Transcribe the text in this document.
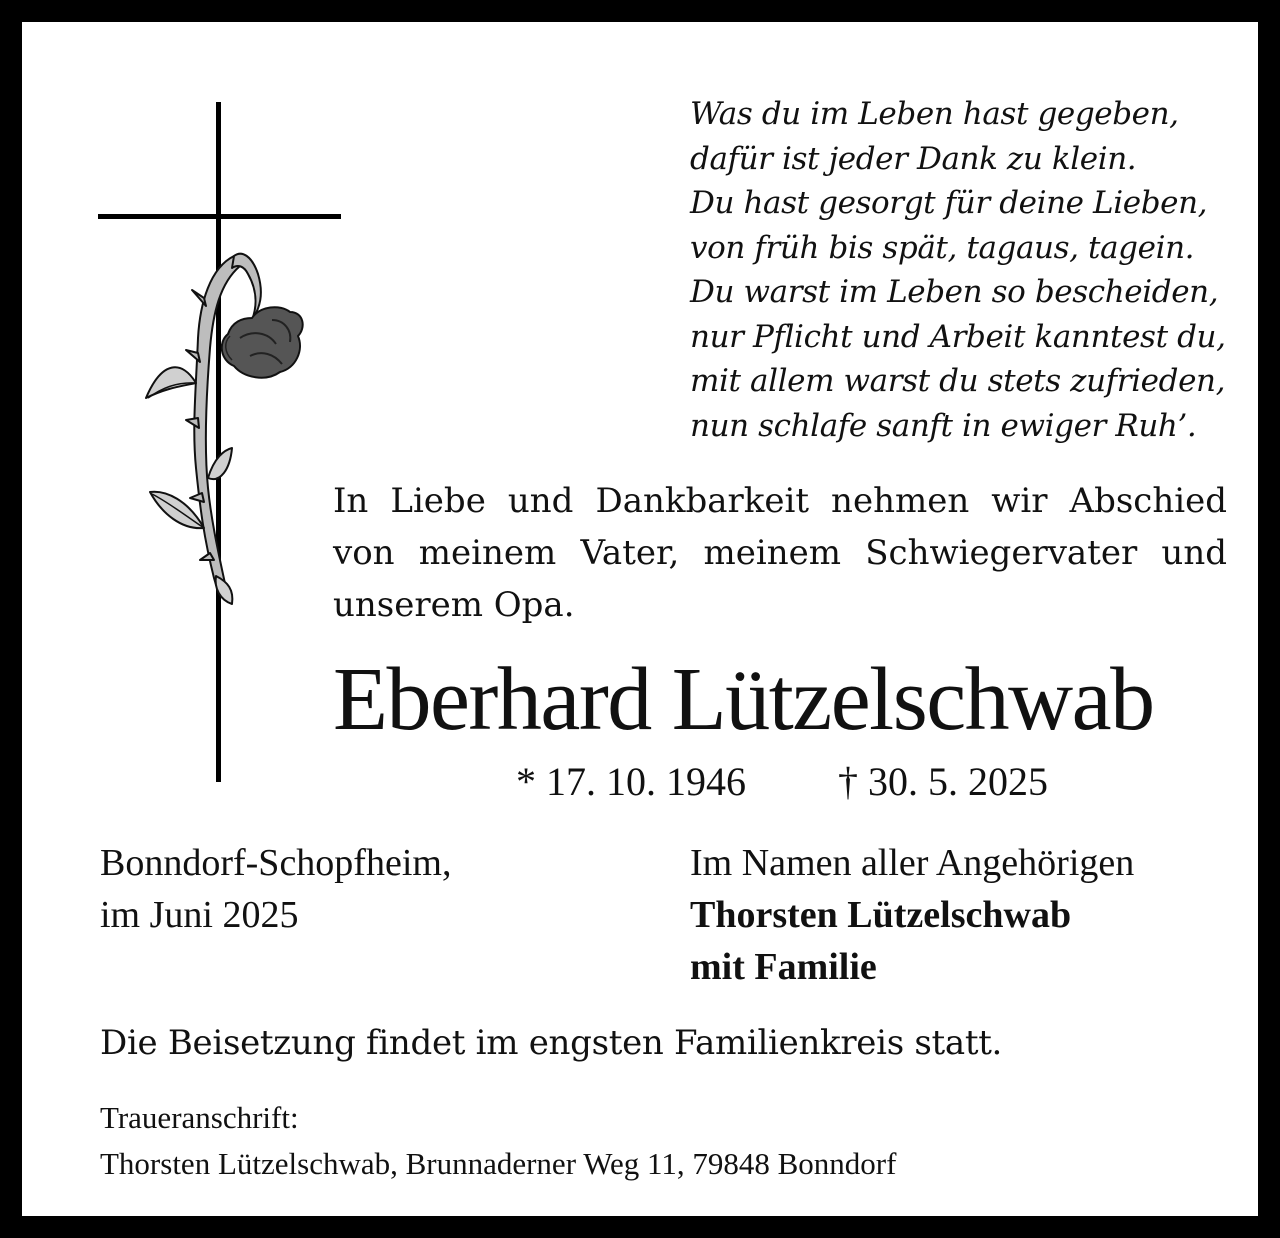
Was du im Leben hast gegeben,
dafür ist jeder Dank zu klein.
Du hast gesorgt für deine Lieben,
von früh bis spät, tagaus, tagein.
Du warst im Leben so bescheiden,
nur Pflicht und Arbeit kanntest du,
mit allem warst du stets zufrieden,
nun schlafe sanft in ewiger Ruh’.
In Liebe und Dankbarkeit nehmen wir Abschied
von meinem Vater, meinem Schwiegervater und
unserem Opa.
Eberhard Lützelschwab
* 17. 10. 1946 † 30. 5. 2025
Bonndorf-Schopfheim,
im Juni 2025
Im Namen aller Angehörigen
Thorsten Lützelschwab
mit Familie
Die Beisetzung findet im engsten Familienkreis statt.
Traueranschrift:
Thorsten Lützelschwab, Brunnaderner Weg 11, 79848 Bonndorf
